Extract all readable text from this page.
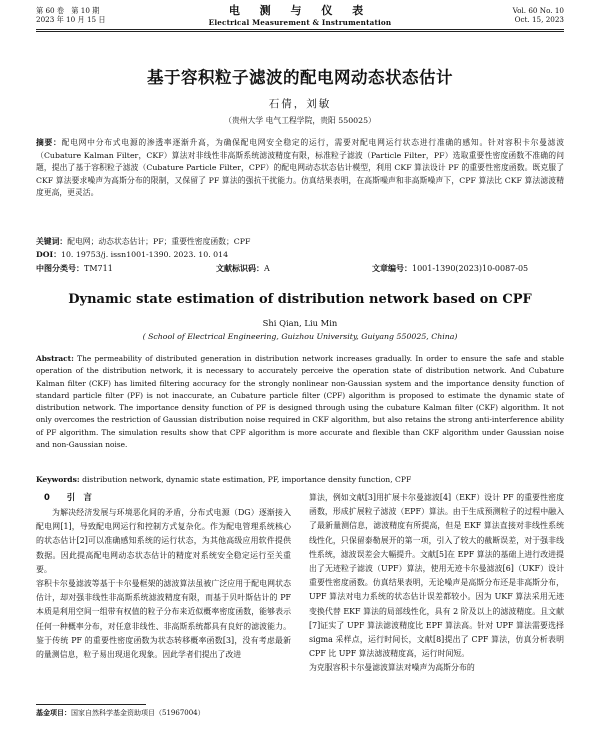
第 60 卷　第 10 期
2023 年 10 月 15 日
电 测 与 仪 表
Electrical Measurement & Instrumentation
Vol. 60 No. 10
Oct. 15, 2023
基于容积粒子滤波的配电网动态状态估计
石倩，刘敏
（贵州大学 电气工程学院，贵阳 550025）
摘要：配电网中分布式电源的渗透率逐渐升高，为确保配电网安全稳定的运行，需要对配电网运行状态进行准确的感知。针对容积卡尔曼滤波（Cubature Kalman Filter，CKF）算法对非线性非高斯系统滤波精度有限，标准粒子滤波（Particle Filter，PF）选取重要性密度函数不准确的问题，提出了基于容积粒子滤波（Cubature Particle Filter，CPF）的配电网动态状态估计模型，利用 CKF 算法设计 PF 的重要性密度函数。既克服了 CKF 算法要求噪声为高斯分布的限制，又保留了 PF 算法的强抗干扰能力。仿真结果表明，在高斯噪声和非高斯噪声下，CPF 算法比 CKF 算法滤波精度更高，更灵活。
关键词：配电网；动态状态估计；PF；重要性密度函数；CPF
DOI：10. 19753/j. issn1001-1390. 2023. 10. 014
中图分类号：TM711	文献标识码：A	文章编号：1001-1390(2023)10-0087-05
Dynamic state estimation of distribution network based on CPF
Shi Qian, Liu Min
( School of Electrical Engineering, Guizhou University, Guiyang 550025, China)
Abstract: The permeability of distributed generation in distribution network increases gradually. In order to ensure the safe and stable operation of the distribution network, it is necessary to accurately perceive the operation state of distribution network. And Cubature Kalman filter (CKF) has limited filtering accuracy for the strongly nonlinear non-Gaussian system and the importance density function of standard particle filter (PF) is not inaccurate, an Cubature particle filter (CPF) algorithm is proposed to estimate the dynamic state of distribution network. The importance density function of PF is designed through using the cubature Kalman filter (CKF) algorithm. It not only overcomes the restriction of Gaussian distribution noise required in CKF algorithm, but also retains the strong anti-interference ability of PF algorithm. The simulation results show that CPF algorithm is more accurate and flexible than CKF algorithm under Gaussian noise and non-Gaussian noise.
Keywords: distribution network, dynamic state estimation, PF, importance density function, CPF
0 引　言
为解决经济发展与环境恶化间的矛盾，分布式电源（DG）逐渐接入配电网[1]，导致配电网运行和控制方式复杂化。作为配电管理系统核心的状态估计[2]可以准确感知系统的运行状态，为其他高级应用软件提供数据。因此提高配电网动态状态估计的精度对系统安全稳定运行至关重要。
容积卡尔曼滤波等基于卡尔曼框架的滤波算法虽被广泛应用于配电网状态估计，却对强非线性非高斯系统滤波精度有限，而基于贝叶斯估计的 PF 本质是利用空间一组带有权值的粒子分布来近似概率密度函数，能够表示任何一种概率分布，对任意非线性、非高斯系统都具有良好的滤波能力。鉴于传统 PF 的重要性密度函数为状态转移概率函数[3]，没有考虑最新的量测信息，粒子易出现退化现象。因此学者们提出了改进
算法，例如文献[3]用扩展卡尔曼滤波[4]（EKF）设计 PF 的重要性密度函数，形成扩展粒子滤波（EPF）算法。由于生成预测粒子的过程中融入了最新量测信息，滤波精度有所提高，但是 EKF 算法直接对非线性系统线性化，只保留泰勒展开的第一项，引入了较大的截断误差，对于强非线性系统，滤波误差会大幅提升。文献[5]在 EPF 算法的基础上进行改进提出了无迹粒子滤波（UPF）算法，使用无迹卡尔曼滤波[6]（UKF）设计重要性密度函数。仿真结果表明，无论噪声是高斯分布还是非高斯分布，UPF 算法对电力系统的状态估计误差都较小。因为 UKF 算法采用无迹变换代替 EKF 算法的局部线性化，具有 2 阶及以上的滤波精度。且文献[7]证实了 UPF 算法滤波精度比 EPF 算法高。针对 UPF 算法需要选择 sigma 采样点，运行时间长，文献[8]提出了 CPF 算法，仿真分析表明 CPF 比 UPF 算法滤波精度高，运行时间短。
为克服容积卡尔曼滤波算法对噪声为高斯分布的
基金项目：国家自然科学基金资助项目（51967004）
